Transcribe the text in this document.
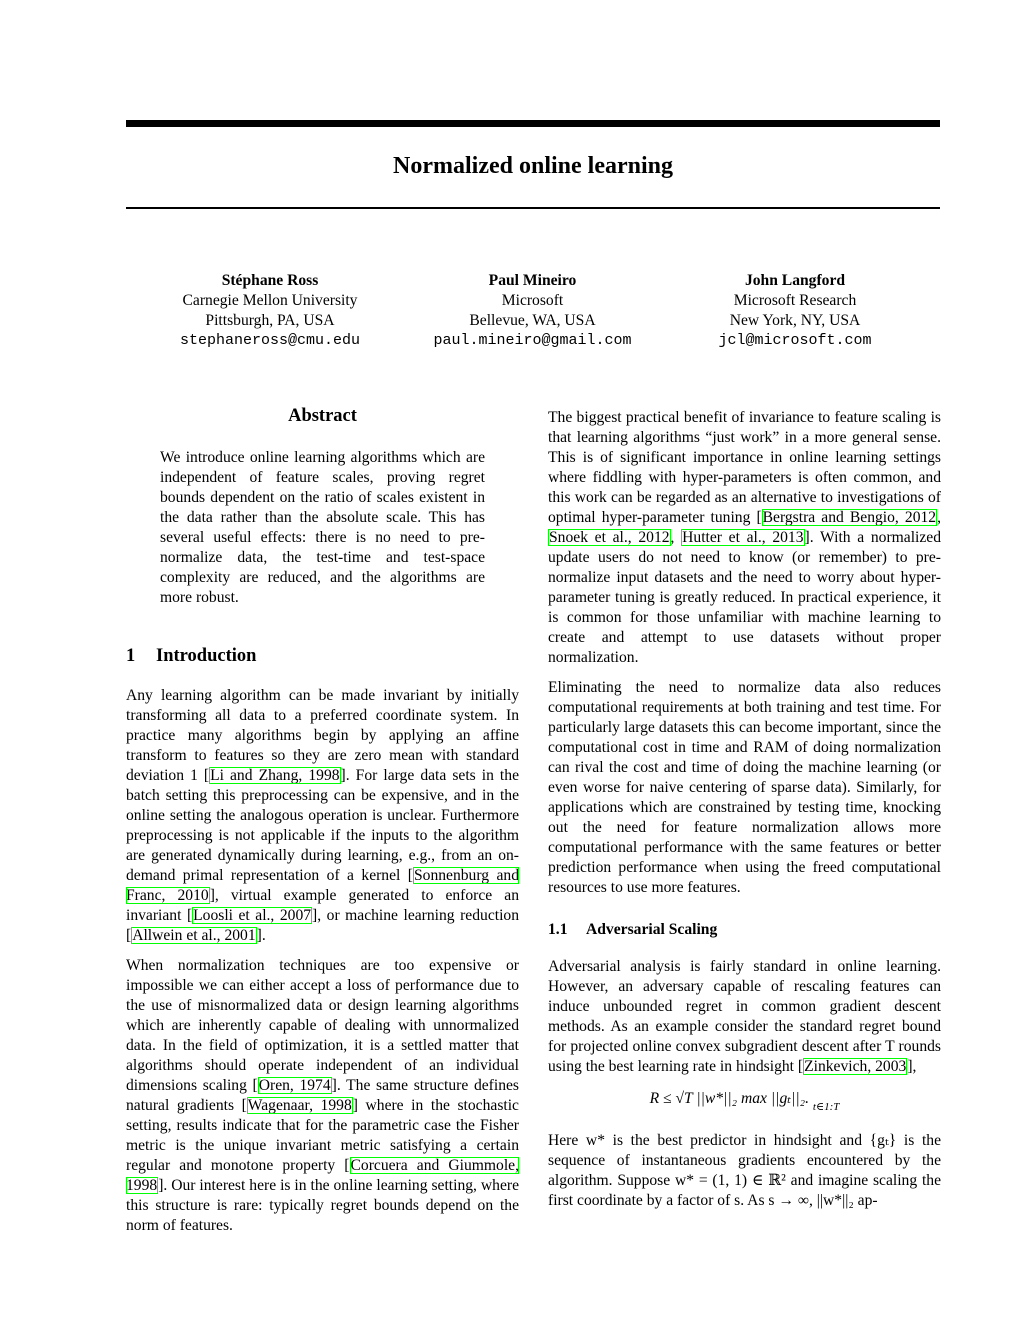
Normalized online learning
Stéphane Ross
Carnegie Mellon University
Pittsburgh, PA, USA
stephaneross@cmu.edu
Paul Mineiro
Microsoft
Bellevue, WA, USA
paul.mineiro@gmail.com
John Langford
Microsoft Research
New York, NY, USA
jcl@microsoft.com
Abstract

We introduce online learning algorithms which are independent of feature scales, proving regret bounds dependent on the ratio of scales existent in the data rather than the absolute scale. This has several useful effects: there is no need to pre-normalize data, the test-time and test-space complexity are reduced, and the algorithms are more robust.

1 Introduction

Any learning algorithm can be made invariant by initially transforming all data to a preferred coordinate system. In practice many algorithms begin by applying an affine transform to features so they are zero mean with standard deviation 1 [Li and Zhang, 1998]. For large data sets in the batch setting this preprocessing can be expensive, and in the online setting the analogous operation is unclear. Furthermore preprocessing is not applicable if the inputs to the algorithm are generated dynamically during learning, e.g., from an on-demand primal representation of a kernel [Sonnenburg and Franc, 2010], virtual example generated to enforce an invariant [Loosli et al., 2007], or machine learning reduction [Allwein et al., 2001].

When normalization techniques are too expensive or impossible we can either accept a loss of performance due to the use of misnormalized data or design learning algorithms which are inherently capable of dealing with unnormalized data. In the field of optimization, it is a settled matter that algorithms should operate independent of an individual dimensions scaling [Oren, 1974]. The same structure defines natural gradients [Wagenaar, 1998] where in the stochastic setting, results indicate that for the parametric case the Fisher metric is the unique invariant metric satisfying a certain regular and monotone property [Corcuera and Giummole, 1998]. Our interest here is in the online learning setting, where this structure is rare: typically regret bounds depend on the norm of features.

The biggest practical benefit of invariance to feature scaling is that learning algorithms “just work” in a more general sense. This is of significant importance in online learning settings where fiddling with hyper-parameters is often common, and this work can be regarded as an alternative to investigations of optimal hyper-parameter tuning [Bergstra and Bengio, 2012, Snoek et al., 2012, Hutter et al., 2013]. With a normalized update users do not need to know (or remember) to pre-normalize input datasets and the need to worry about hyper-parameter tuning is greatly reduced. In practical experience, it is common for those unfamiliar with machine learning to create and attempt to use datasets without proper normalization.

Eliminating the need to normalize data also reduces computational requirements at both training and test time. For particularly large datasets this can become important, since the computational cost in time and RAM of doing normalization can rival the cost and time of doing the machine learning (or even worse for naive centering of sparse data). Similarly, for applications which are constrained by testing time, knocking out the need for feature normalization allows more computational performance with the same features or better prediction performance when using the freed computational resources to use more features.

1.1 Adversarial Scaling

Adversarial analysis is fairly standard in online learning. However, an adversary capable of rescaling features can induce unbounded regret in common gradient descent methods. As an example consider the standard regret bound for projected online convex subgradient descent after T rounds using the best learning rate in hindsight [Zinkevich, 2003],

R ≤ √T ||w*||₂ max ||gₜ||₂. $_{t\in 1:T}$

Here w* is the best predictor in hindsight and {gₜ} is the sequence of instantaneous gradients encountered by the algorithm. Suppose w* = (1, 1) ∈ ℝ² and imagine scaling the first coordinate by a factor of s. As s → ∞, ||w*||₂ ap-
